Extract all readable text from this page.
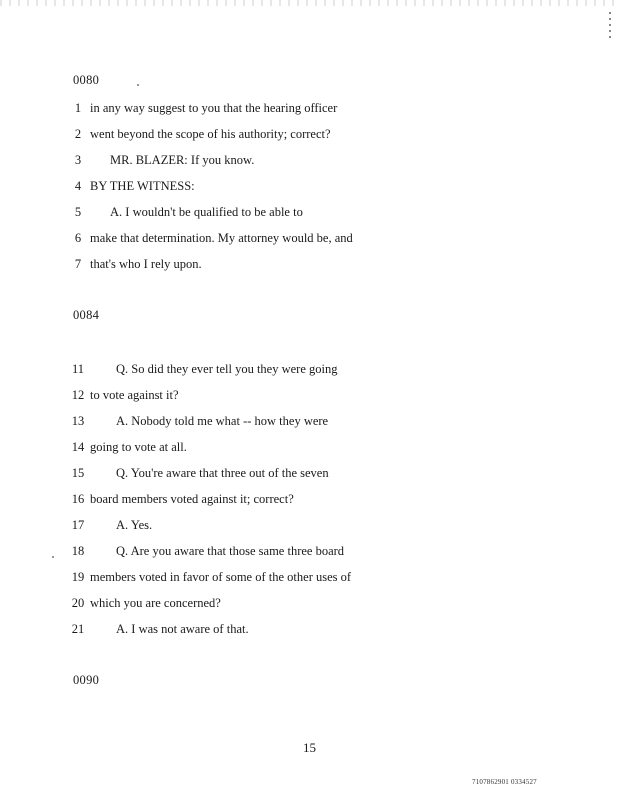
0080
1 in any way suggest to you that the hearing officer
2 went beyond the scope of his authority; correct?
3 MR. BLAZER: If you know.
4 BY THE WITNESS:
5 A. I wouldn't be qualified to be able to
6 make that determination. My attorney would be, and
7 that's who I rely upon.
0084
11	Q. So did they ever tell you they were going
12 to vote against it?
13	A. Nobody told me what -- how they were
14 going to vote at all.
15	Q. You're aware that three out of the seven
16 board members voted against it; correct?
17	A. Yes.
18	Q. Are you aware that those same three board
19 members voted in favor of some of the other uses of
20 which you are concerned?
21	A. I was not aware of that.
0090
15
7107862901 0334527
